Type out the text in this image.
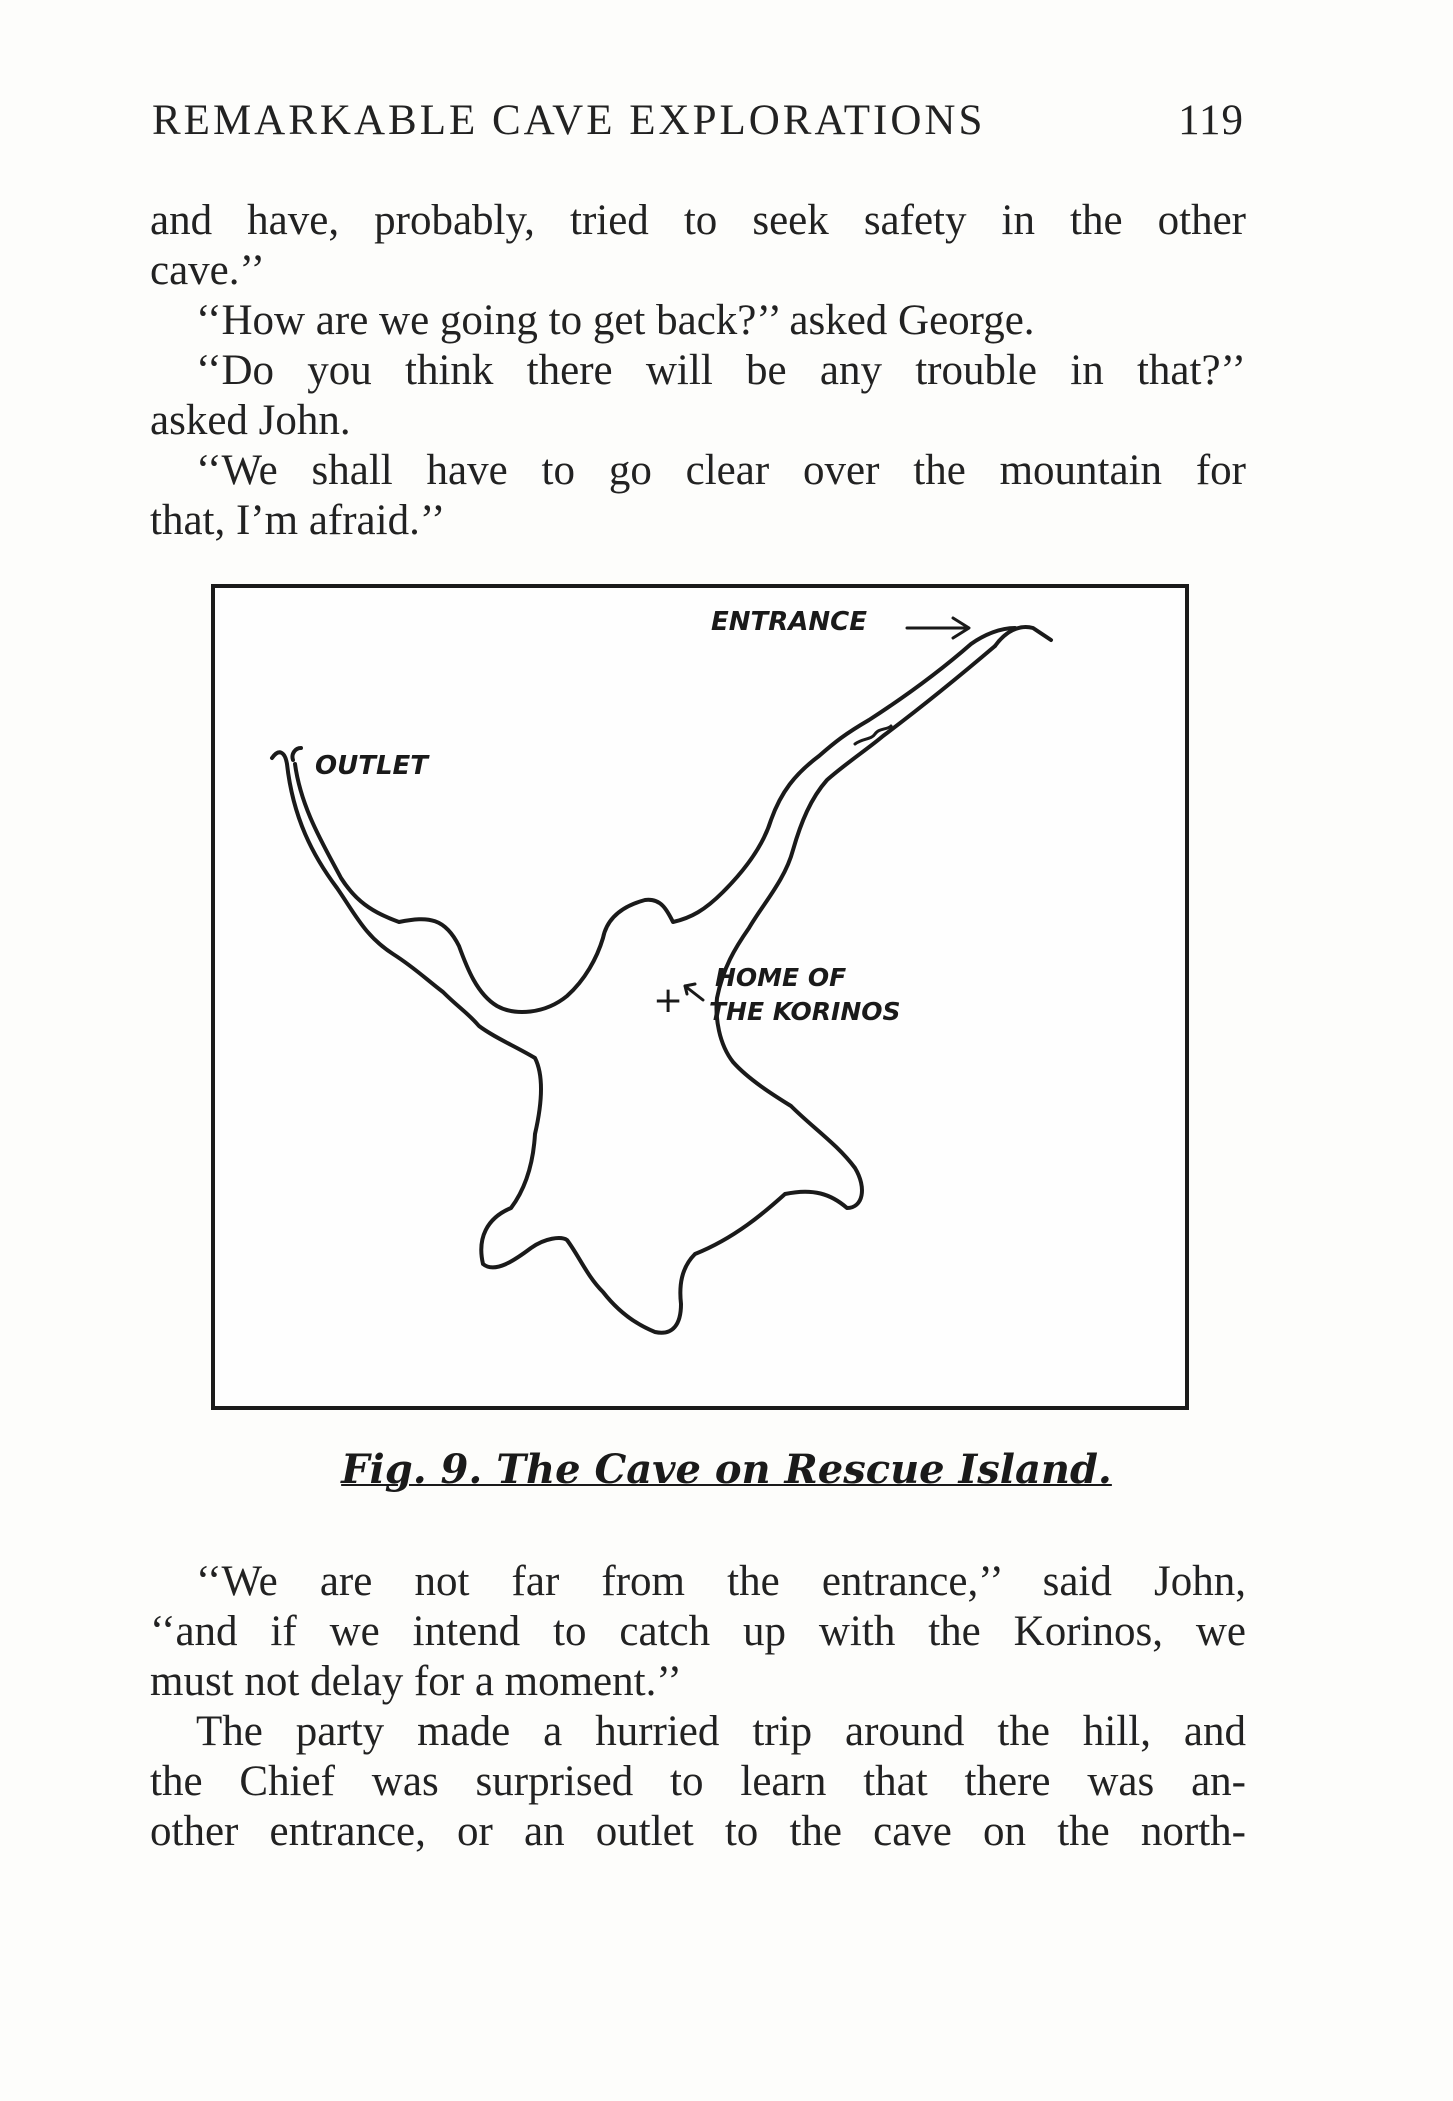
REMARKABLE CAVE EXPLORATIONS	119

and have, probably, tried to seek safety in the other

cave.’’

‘‘How are we going to get back?’’ asked George.

‘‘Do you think there will be any trouble in that?’’

asked John.

‘‘We shall have to go clear over the mountain for

that, I’m afraid.’’

ENTRANCE
OUTLET
HOME OF
THE KORINOS
+
Fig. 9. The Cave on Rescue Island.

‘‘We are not far from the entrance,’’ said John,

‘‘and if we intend to catch up with the Korinos, we

must not delay for a moment.’’

The party made a hurried trip around the hill, and

the Chief was surprised to learn that there was an-

other entrance, or an outlet to the cave on the north-
